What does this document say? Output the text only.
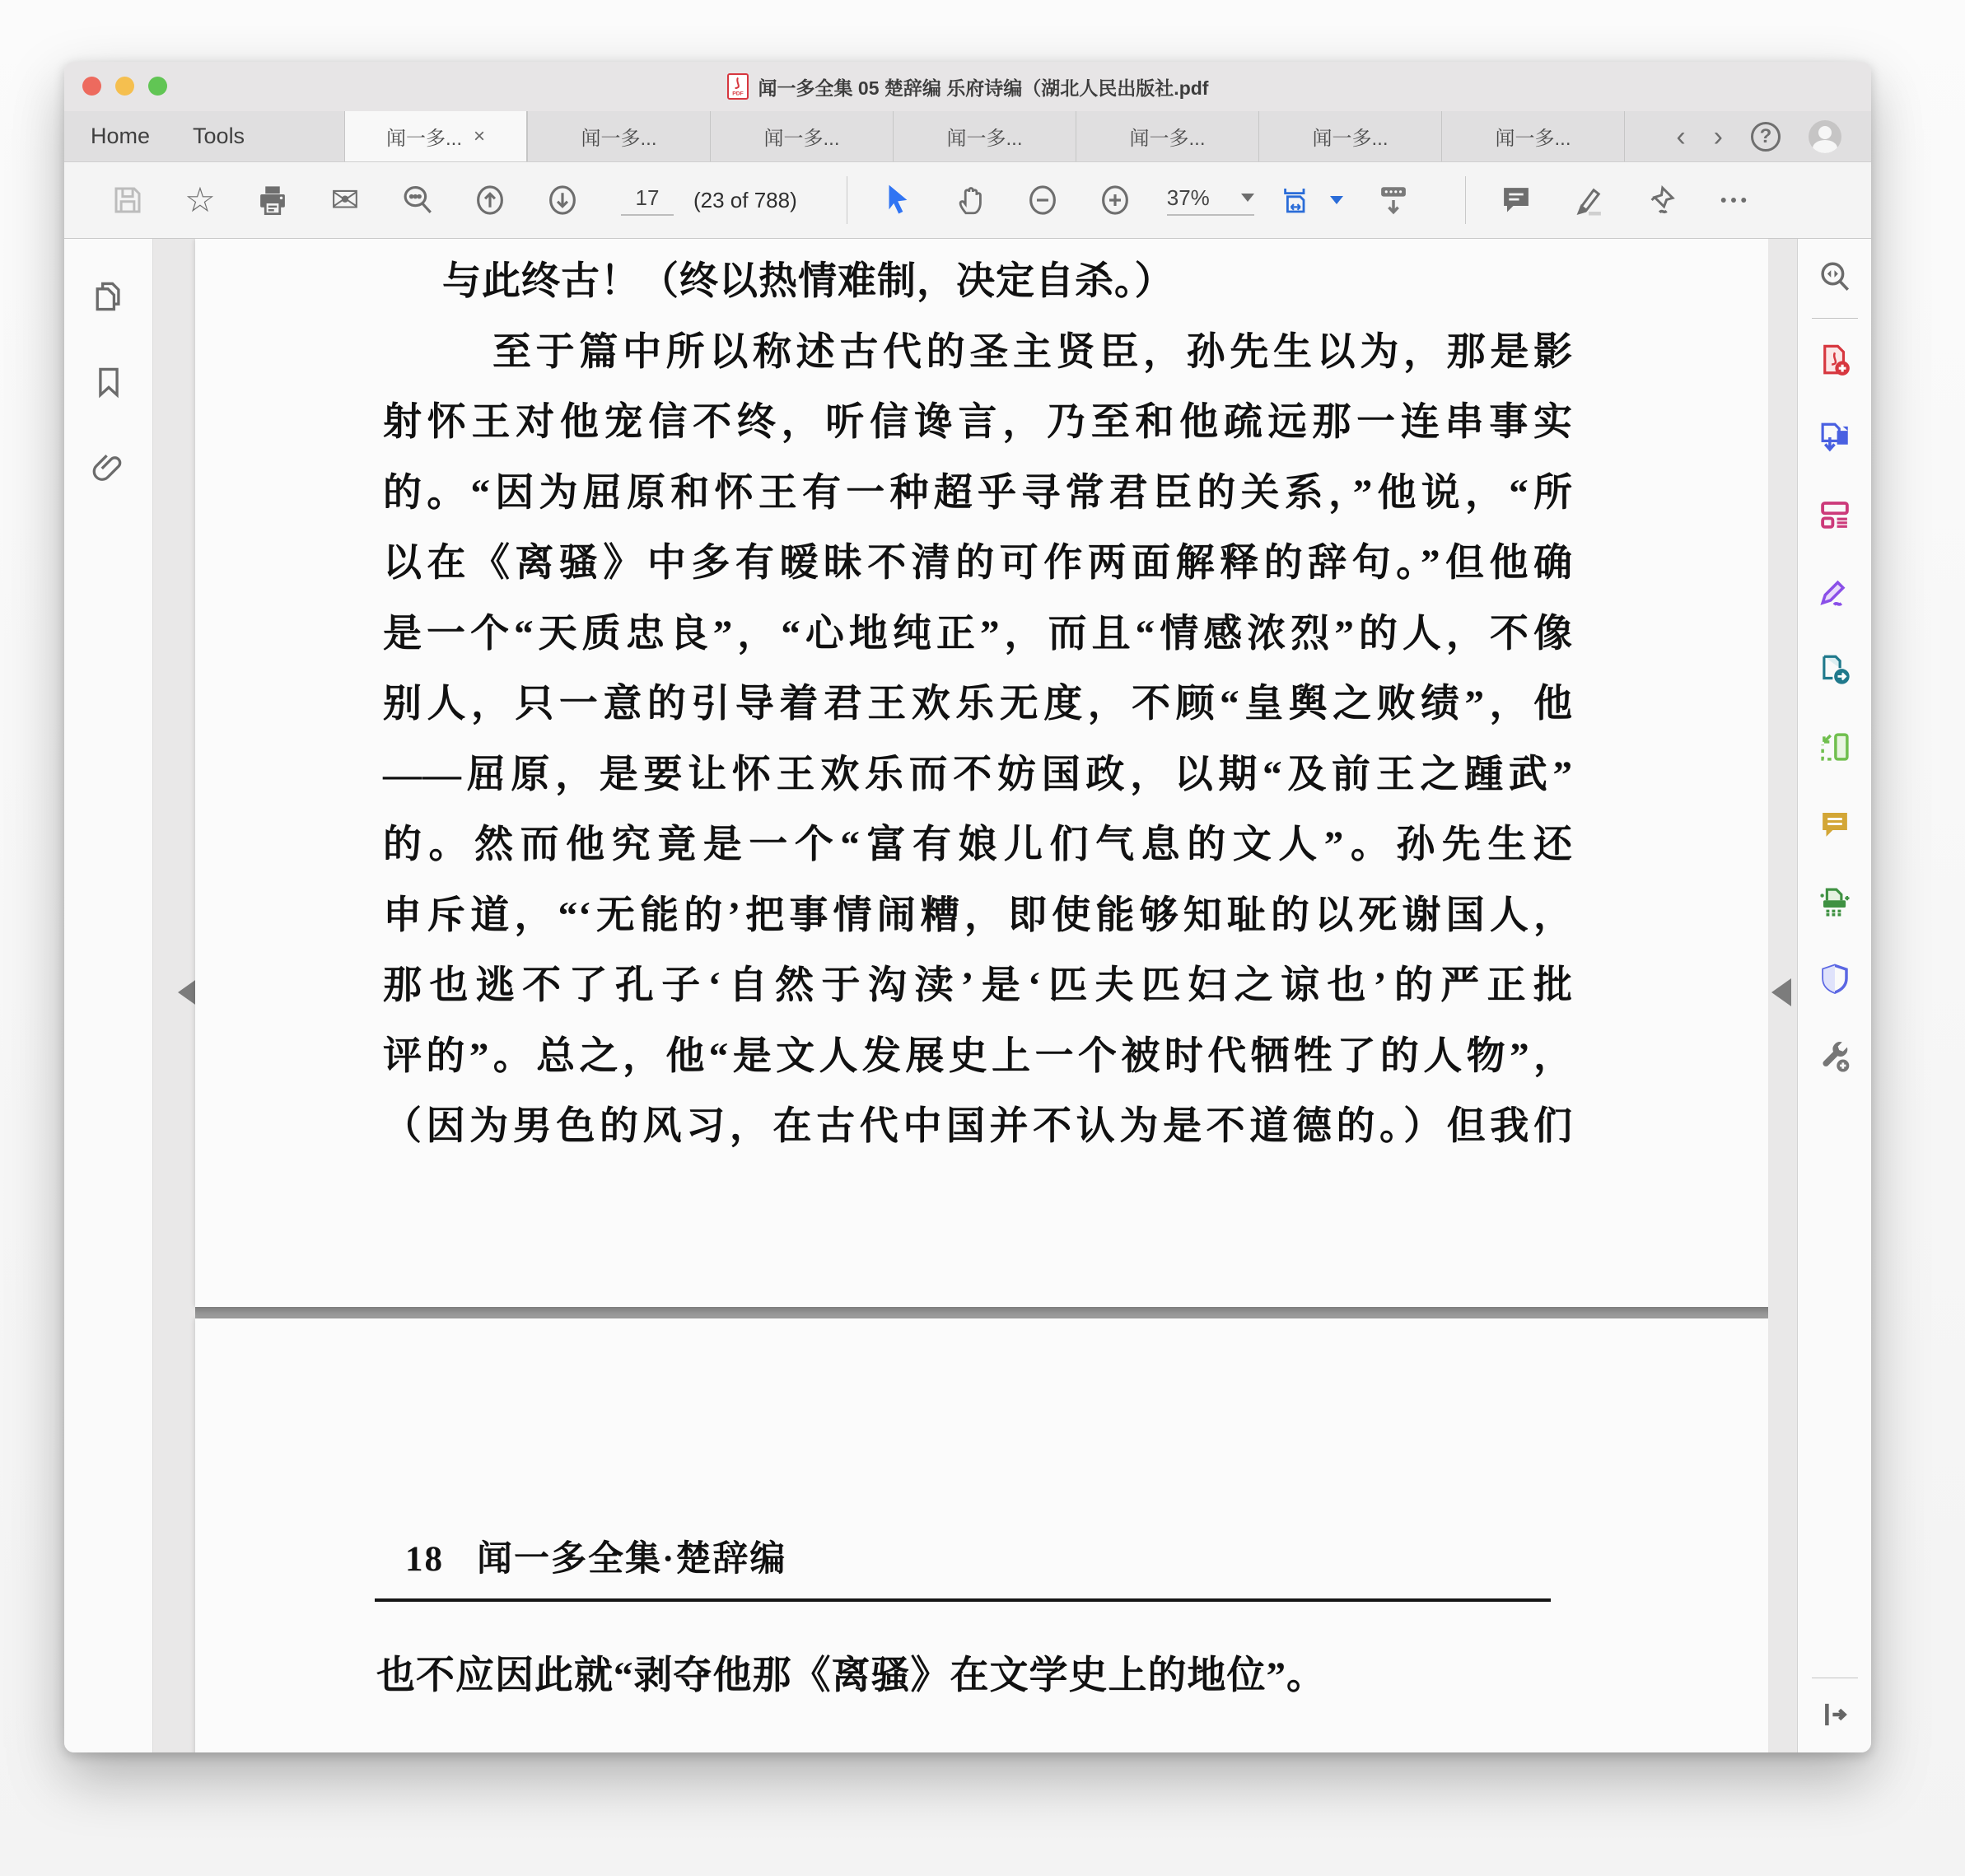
PDF 闻一多全集 05 楚辞编 乐府诗编（湖北人民出版社.pdf
Home Tools	闻一多... ×	闻一多...	闻一多...	闻一多...	闻一多...	闻一多...	闻一多...	‹ ›	?
☆	✉
17	(23 of 788)
37%
与此终古！（终以热情难制，决定自杀。）
至于篇中所以称述古代的圣主贤臣，孙先生以为，那是影
射怀王对他宠信不终，听信谗言，乃至和他疏远那一连串事实
的。“因为屈原和怀王有一种超乎寻常君臣的关系，”他说，“所
以在《离骚》中多有暧昧不清的可作两面解释的辞句。”但他确
是一个“天质忠良”，“心地纯正”，而且“情感浓烈”的人，不像
别人，只一意的引导着君王欢乐无度，不顾“皇舆之败绩”，他
——屈原，是要让怀王欢乐而不妨国政，以期“及前王之踵武”
的。然而他究竟是一个“富有娘儿们气息的文人”。孙先生还
申斥道，“‘无能的’把事情闹糟，即使能够知耻的以死谢国人，
那也逃不了孔子‘自然于沟渎’是‘匹夫匹妇之谅也’的严正批
评的”。总之，他“是文人发展史上一个被时代牺牲了的人物”，
（因为男色的风习，在古代中国并不认为是不道德的。）但我们
18 闻一多全集·楚辞编
也不应因此就“剥夺他那《离骚》在文学史上的地位”。
